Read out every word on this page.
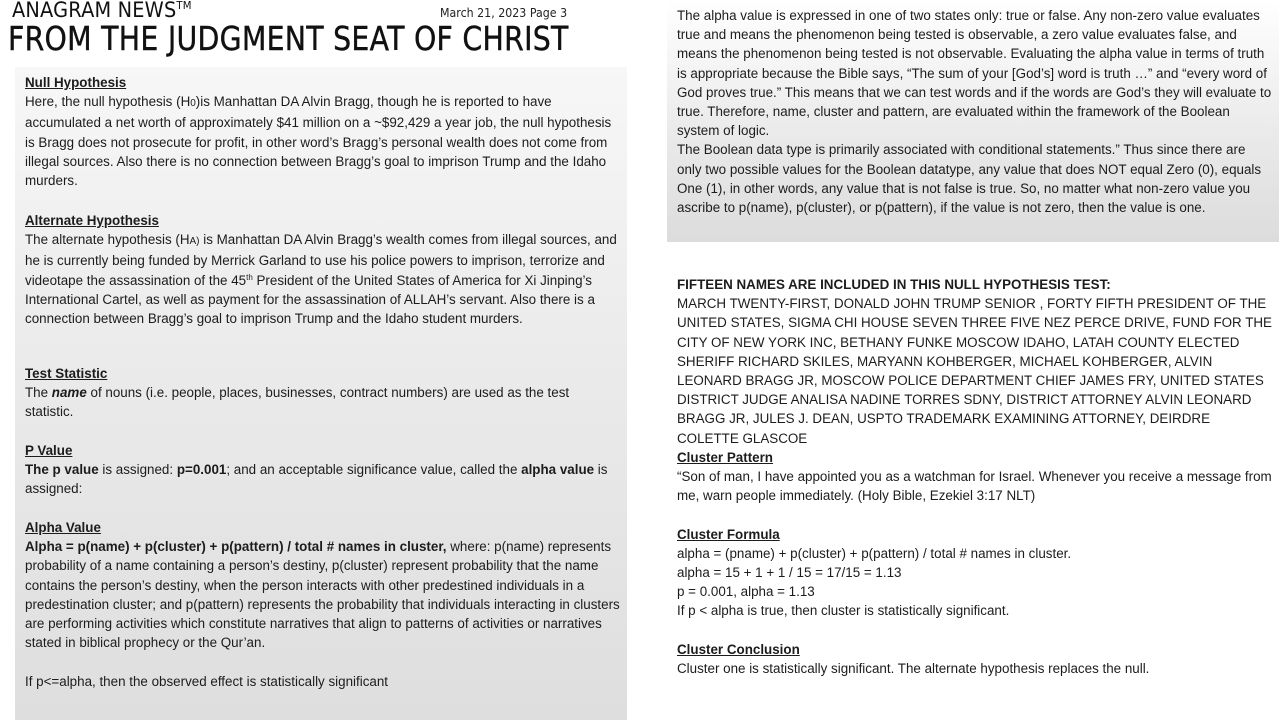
ANAGRAM NEWS™
March 21, 2023 Page 3
FROM THE JUDGMENT SEAT OF CHRIST
Null Hypothesis
Here, the null hypothesis (H0)is Manhattan DA Alvin Bragg, though he is reported to have accumulated a net worth of approximately $41 million on a ~$92,429 a year job, the null hypothesis is Bragg does not prosecute for profit, in other word’s Bragg’s personal wealth does not come from illegal sources. Also there is no connection between Bragg’s goal to imprison Trump and the Idaho murders.
Alternate Hypothesis
The alternate hypothesis (HA) is Manhattan DA Alvin Bragg’s wealth comes from illegal sources, and he is currently being funded by Merrick Garland to use his police powers to imprison, terrorize and videotape the assassination of the 45th President of the United States of America for Xi Jinping’s International Cartel, as well as payment for the assassination of ALLAH’s servant. Also there is a connection between Bragg’s goal to imprison Trump and the Idaho student murders.
Test Statistic
The name of nouns (i.e. people, places, businesses, contract numbers) are used as the test statistic.
P Value
The p value is assigned: p=0.001; and an acceptable significance value, called the alpha value is assigned:
Alpha Value
Alpha = p(name) + p(cluster) + p(pattern) / total # names in cluster, where: p(name) represents probability of a name containing a person’s destiny, p(cluster) represent probability that the name contains the person’s destiny, when the person interacts with other predestined individuals in a predestination cluster; and p(pattern) represents the probability that individuals interacting in clusters are performing activities which constitute narratives that align to patterns of activities or narratives stated in biblical prophecy or the Qur’an.
If p<=alpha, then the observed effect is statistically significant
The alpha value is expressed in one of two states only: true or false. Any non-zero value evaluates true and means the phenomenon being tested is observable, a zero value evaluates false, and means the phenomenon being tested is not observable. Evaluating the alpha value in terms of truth is appropriate because the Bible says, “The sum of your [God’s] word is truth …” and “every word of God proves true.” This means that we can test words and if the words are God’s they will evaluate to true. Therefore, name, cluster and pattern, are evaluated within the framework of the Boolean system of logic.
The Boolean data type is primarily associated with conditional statements.” Thus since there are only two possible values for the Boolean datatype, any value that does NOT equal Zero (0), equals One (1), in other words, any value that is not false is true. So, no matter what non-zero value you ascribe to p(name), p(cluster), or p(pattern), if the value is not zero, then the value is one.
FIFTEEN NAMES ARE INCLUDED IN THIS NULL HYPOTHESIS TEST:
MARCH TWENTY-FIRST, DONALD JOHN TRUMP SENIOR , FORTY FIFTH PRESIDENT OF THE UNITED STATES, SIGMA CHI HOUSE SEVEN THREE FIVE NEZ PERCE DRIVE, FUND FOR THE CITY OF NEW YORK INC, BETHANY FUNKE MOSCOW IDAHO, LATAH COUNTY ELECTED SHERIFF RICHARD SKILES, MARYANN KOHBERGER, MICHAEL KOHBERGER, ALVIN LEONARD BRAGG JR, MOSCOW POLICE DEPARTMENT CHIEF JAMES FRY, UNITED STATES DISTRICT JUDGE ANALISA NADINE TORRES SDNY, DISTRICT ATTORNEY ALVIN LEONARD BRAGG JR, JULES J. DEAN, USPTO TRADEMARK EXAMINING ATTORNEY, DEIRDRE COLETTE GLASCOE
Cluster Pattern
“Son of man, I have appointed you as a watchman for Israel. Whenever you receive a message from me, warn people immediately. (Holy Bible, Ezekiel 3:17 NLT)
Cluster Formula
alpha = (pname) + p(cluster) + p(pattern) / total # names in cluster.
alpha = 15 + 1 + 1 / 15 = 17/15 = 1.13
p = 0.001, alpha = 1.13
If p < alpha is true, then cluster is statistically significant.
Cluster Conclusion
Cluster one is statistically significant. The alternate hypothesis replaces the null.
